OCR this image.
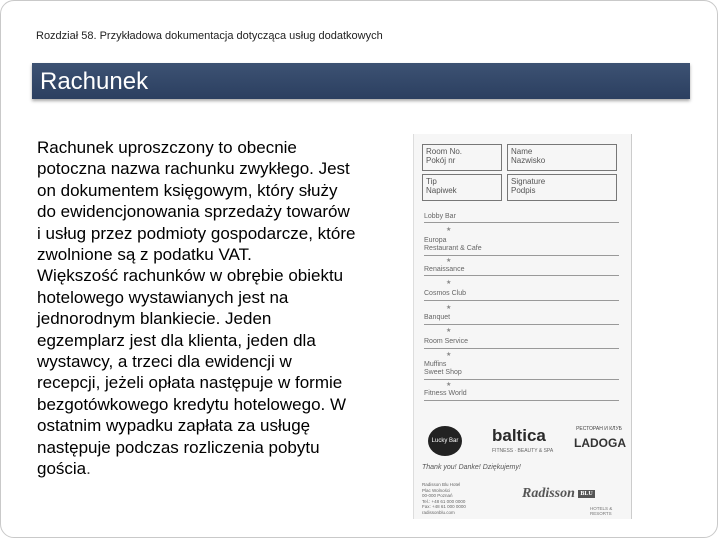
Rozdział 58. Przykładowa dokumentacja dotycząca usług dodatkowych
Rachunek

Rachunek uproszczony to obecnie potoczna nazwa rachunku zwykłego. Jest on dokumentem księgowym, który służy do ewidencjonowania sprzedaży towarów i usług przez podmioty gospodarcze, które zwolnione są z podatku VAT.

Większość rachunków w obrębie obiektu hotelowego wystawianych jest na jednorodnym blankiecie. Jeden egzemplarz jest dla klienta, jeden dla wystawcy, a trzeci dla ewidencji w recepcji, jeżeli opłata następuje w formie bezgotówkowego kredytu hotelowego. W ostatnim wypadku zapłata za usługę następuje podczas rozliczenia pobytu gościa.

Room No.
Pokój nr
Name
Nazwisko
Tip
Napiwek
Signature
Podpis
Lobby Bar
★
Europa
Restaurant & Cafe
★
Renaissance
★
Cosmos Club
★
Banquet
★
Room Service
★
Muffins
Sweet Shop
★
Fitness World
Lucky Bar baltica
FITNESS · BEAUTY & SPA
РЕСТОРАН И КЛУБ
LADOGA
Thank you! Danke! Dziękujemy!
Radisson Blu Hotel
Plac Wolności
00-000 Poznań
Tel.: +48 61 000 0000
Fax: +48 61 000 0000
radissonblu.com
Radisson BLU
HOTELS & RESORTS
